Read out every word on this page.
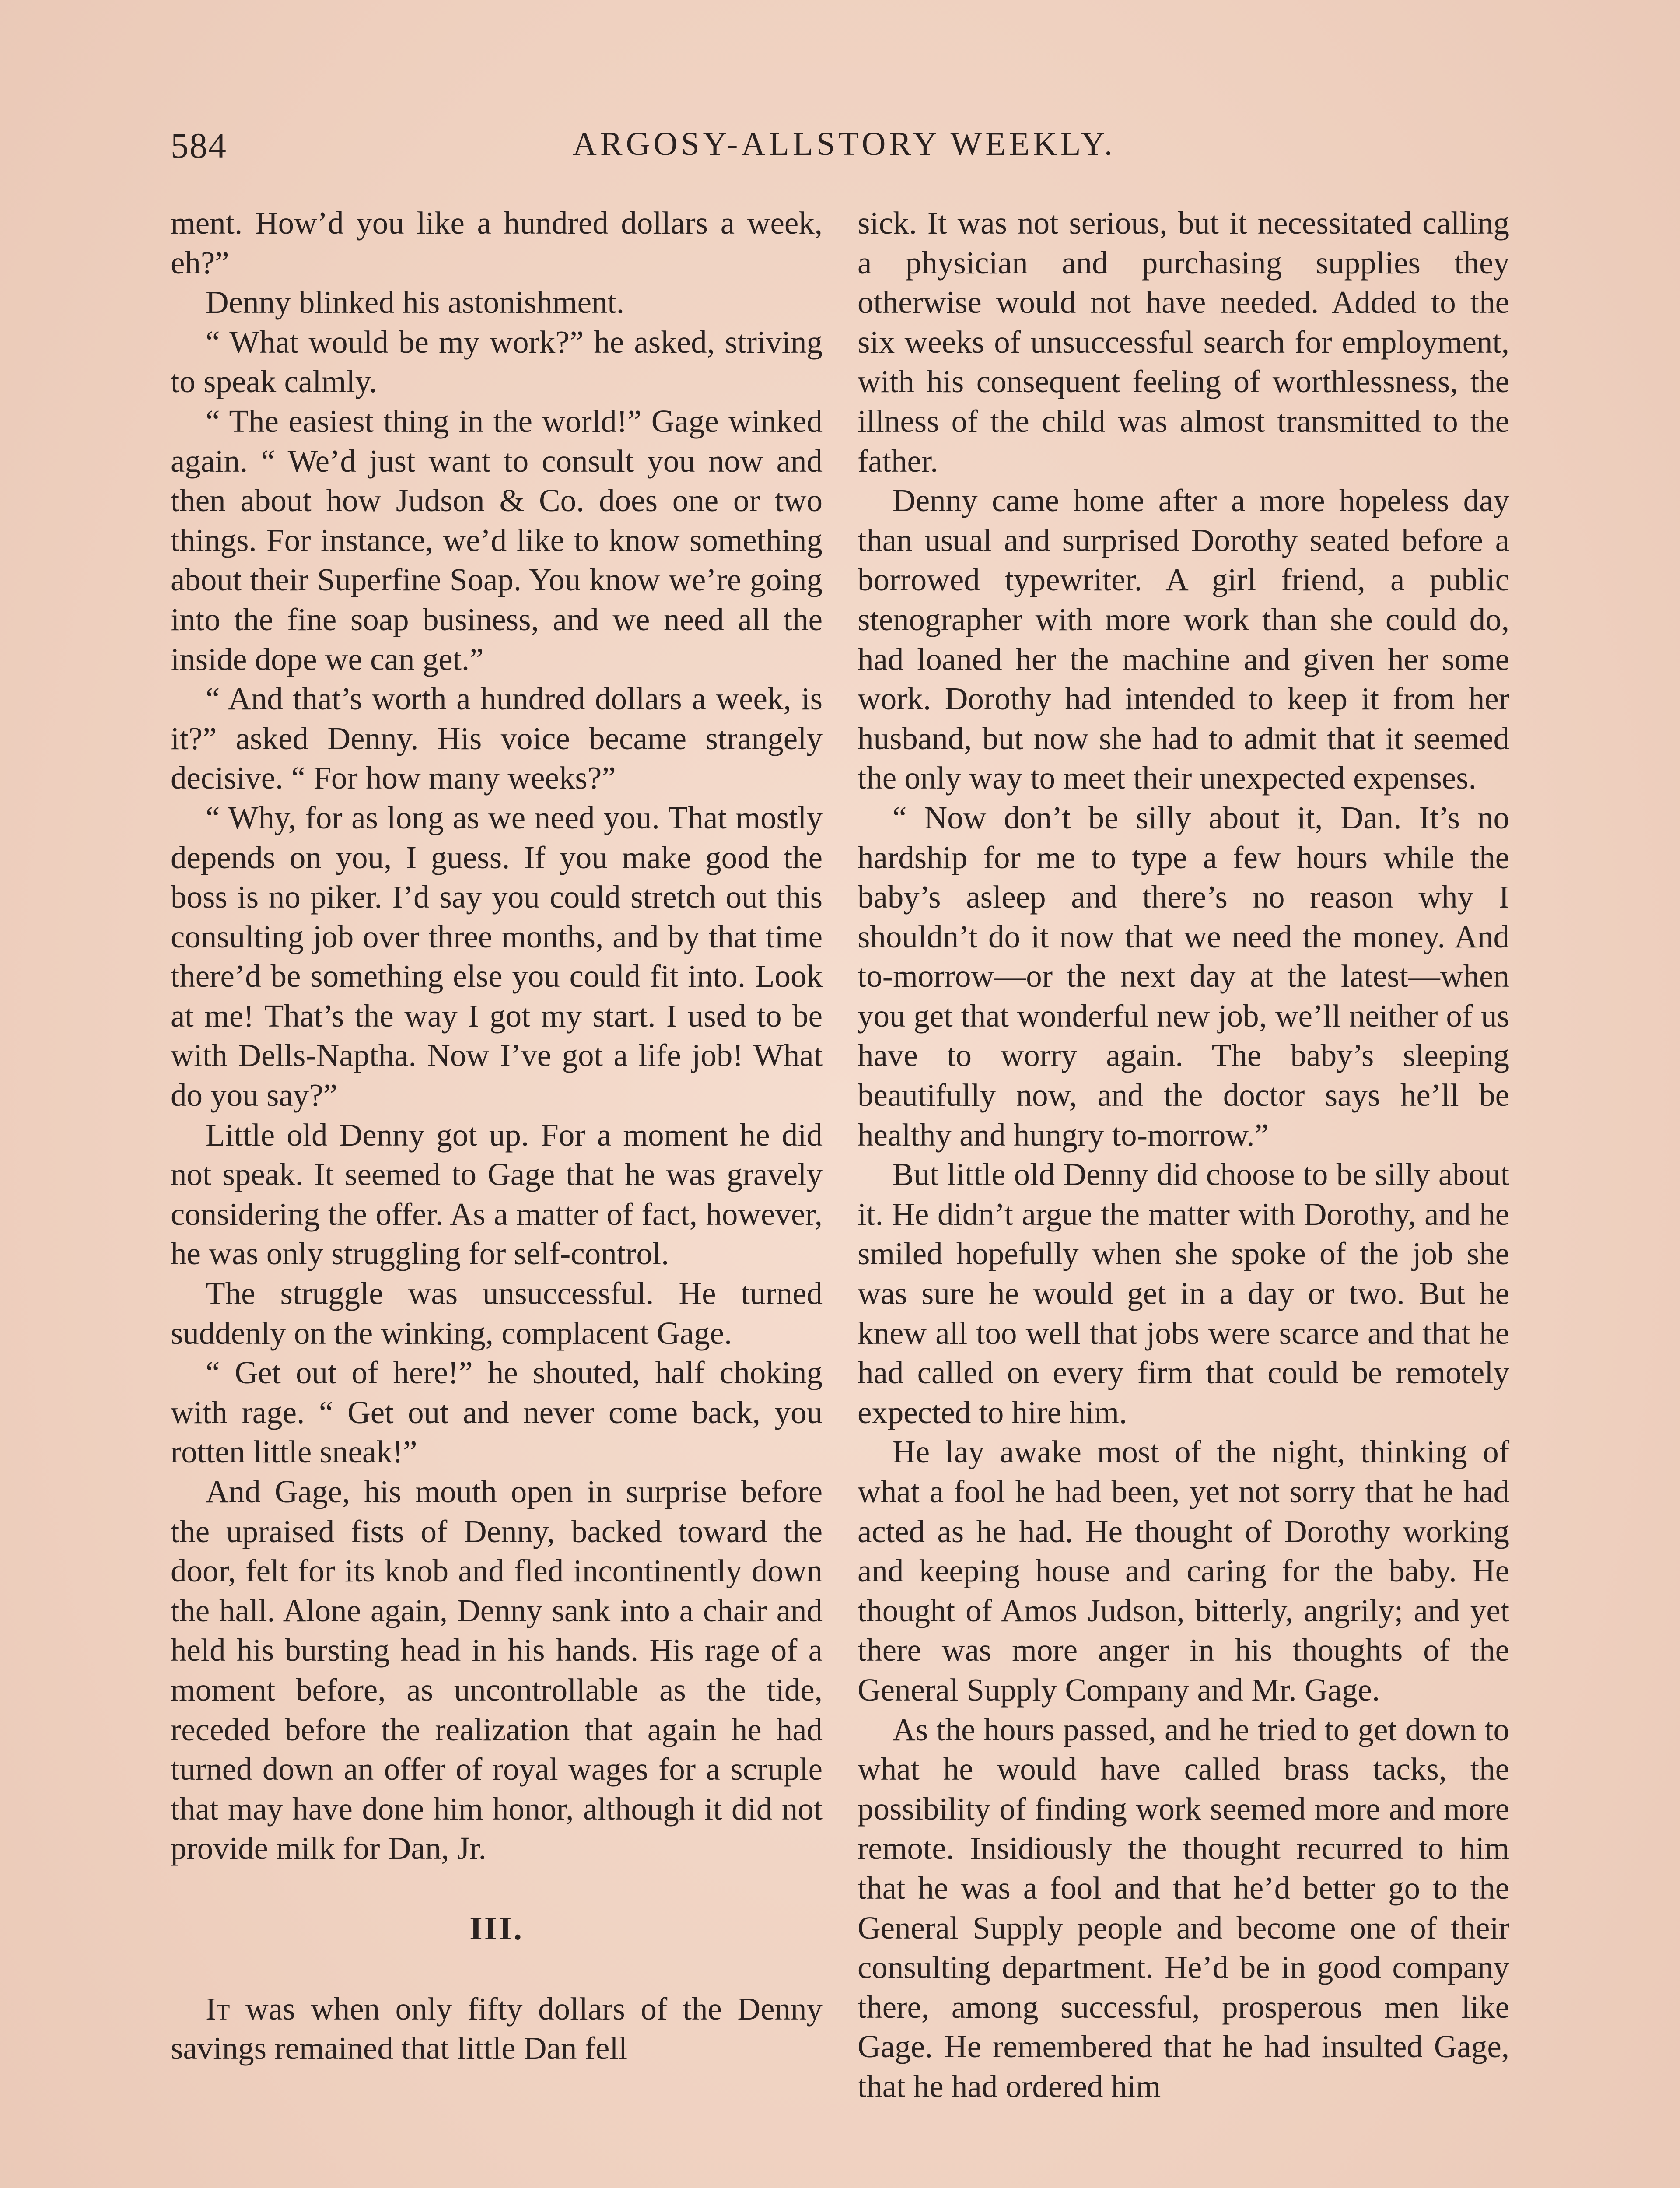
584	ARGOSY-ALLSTORY WEEKLY.

ment. How’d you like a hundred dollars a week, eh?”

Denny blinked his astonishment.

“ What would be my work?” he asked, striving to speak calmly.

“ The easiest thing in the world!” Gage winked again. “ We’d just want to consult you now and then about how Judson & Co. does one or two things. For instance, we’d like to know something about their Superfine Soap. You know we’re going into the fine soap business, and we need all the inside dope we can get.”

“ And that’s worth a hundred dollars a week, is it?” asked Denny. His voice became strangely decisive. “ For how many weeks?”

“ Why, for as long as we need you. That mostly depends on you, I guess. If you make good the boss is no piker. I’d say you could stretch out this consulting job over three months, and by that time there’d be something else you could fit into. Look at me! That’s the way I got my start. I used to be with Dells-Naptha. Now I’ve got a life job! What do you say?”

Little old Denny got up. For a moment he did not speak. It seemed to Gage that he was gravely considering the offer. As a matter of fact, however, he was only struggling for self-control.

The struggle was unsuccessful. He turned suddenly on the winking, complacent Gage.

“ Get out of here!” he shouted, half choking with rage. “ Get out and never come back, you rotten little sneak!”

And Gage, his mouth open in surprise before the upraised fists of Denny, backed toward the door, felt for its knob and fled incontinently down the hall. Alone again, Denny sank into a chair and held his bursting head in his hands. His rage of a moment before, as uncontrollable as the tide, receded before the realization that again he had turned down an offer of royal wages for a scruple that may have done him honor, although it did not provide milk for Dan, Jr.

III.

It was when only fifty dollars of the Denny savings remained that little Dan fell

sick. It was not serious, but it necessitated calling a physician and purchasing supplies they otherwise would not have needed. Added to the six weeks of unsuccessful search for employment, with his consequent feeling of worthlessness, the illness of the child was almost transmitted to the father.

Denny came home after a more hopeless day than usual and surprised Dorothy seated before a borrowed typewriter. A girl friend, a public stenographer with more work than she could do, had loaned her the machine and given her some work. Dorothy had intended to keep it from her husband, but now she had to admit that it seemed the only way to meet their unexpected expenses.

“ Now don’t be silly about it, Dan. It’s no hardship for me to type a few hours while the baby’s asleep and there’s no reason why I shouldn’t do it now that we need the money. And to-morrow—or the next day at the latest—when you get that wonderful new job, we’ll neither of us have to worry again. The baby’s sleeping beautifully now, and the doctor says he’ll be healthy and hungry to-morrow.”

But little old Denny did choose to be silly about it. He didn’t argue the matter with Dorothy, and he smiled hopefully when she spoke of the job she was sure he would get in a day or two. But he knew all too well that jobs were scarce and that he had called on every firm that could be remotely expected to hire him.

He lay awake most of the night, thinking of what a fool he had been, yet not sorry that he had acted as he had. He thought of Dorothy working and keeping house and caring for the baby. He thought of Amos Judson, bitterly, angrily; and yet there was more anger in his thoughts of the General Supply Company and Mr. Gage.

As the hours passed, and he tried to get down to what he would have called brass tacks, the possibility of finding work seemed more and more remote. Insidiously the thought recurred to him that he was a fool and that he’d better go to the General Supply people and become one of their consulting department. He’d be in good company there, among successful, prosperous men like Gage. He remembered that he had insulted Gage, that he had ordered him
